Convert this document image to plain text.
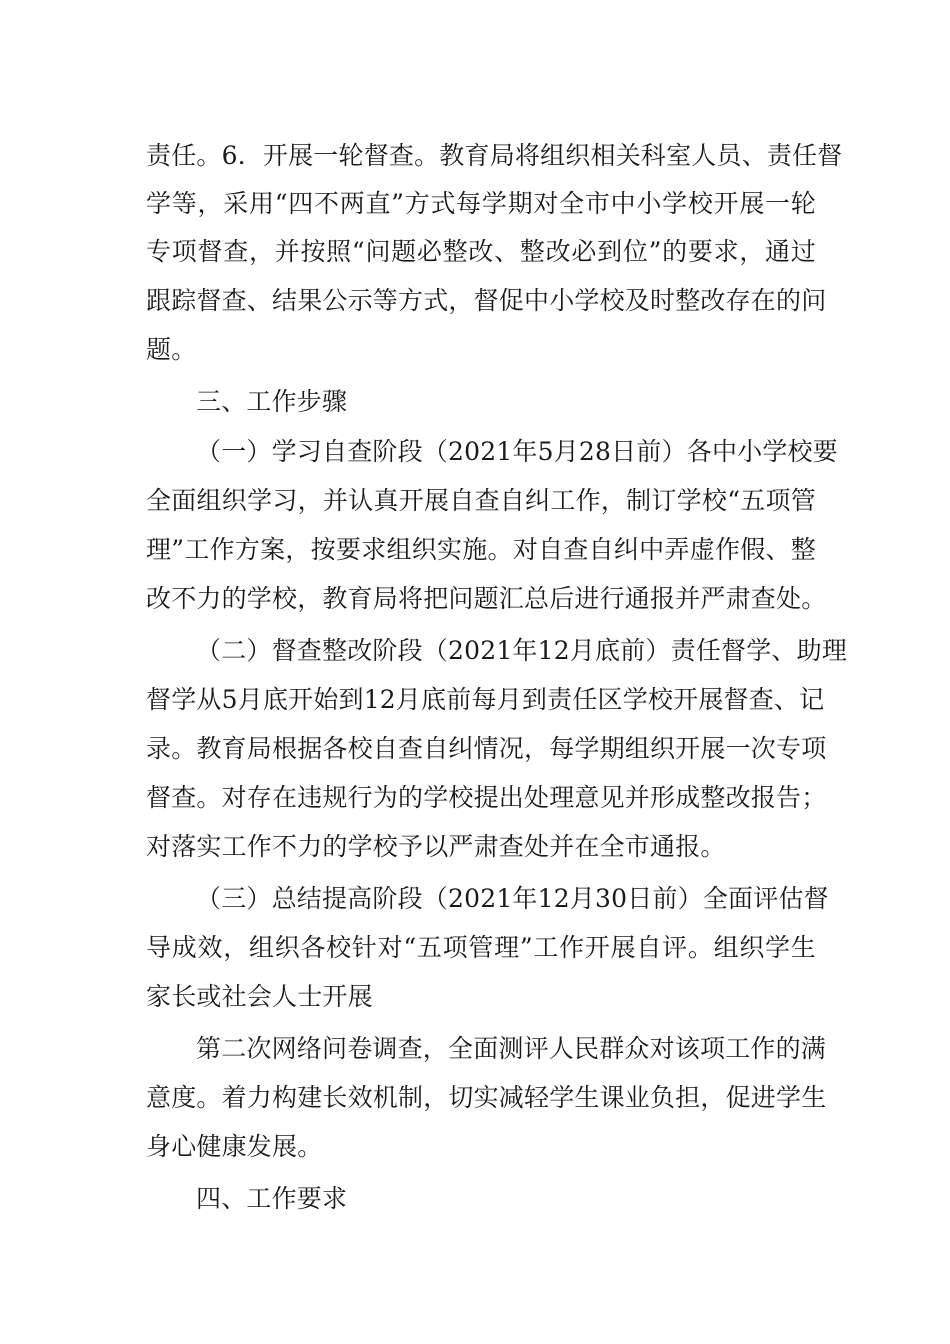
责任。6．开展一轮督查。教育局将组织相关科室人员、责任督
学等，采用“四不两直”方式每学期对全市中小学校开展一轮
专项督查，并按照“问题必整改、整改必到位”的要求，通过
跟踪督查、结果公示等方式，督促中小学校及时整改存在的问
题。
三、工作步骤
（一）学习自查阶段（2021年5月28日前）各中小学校要
全面组织学习，并认真开展自查自纠工作，制订学校“五项管
理”工作方案，按要求组织实施。对自查自纠中弄虚作假、整
改不力的学校，教育局将把问题汇总后进行通报并严肃查处。
（二）督查整改阶段（2021年12月底前）责任督学、助理
督学从5月底开始到12月底前每月到责任区学校开展督查、记
录。教育局根据各校自查自纠情况，每学期组织开展一次专项
督查。对存在违规行为的学校提出处理意见并形成整改报告；
对落实工作不力的学校予以严肃查处并在全市通报。
（三）总结提高阶段（2021年12月30日前）全面评估督
导成效，组织各校针对“五项管理”工作开展自评。组织学生
家长或社会人士开展
第二次网络问卷调查，全面测评人民群众对该项工作的满
意度。着力构建长效机制，切实减轻学生课业负担，促进学生
身心健康发展。
四、工作要求
